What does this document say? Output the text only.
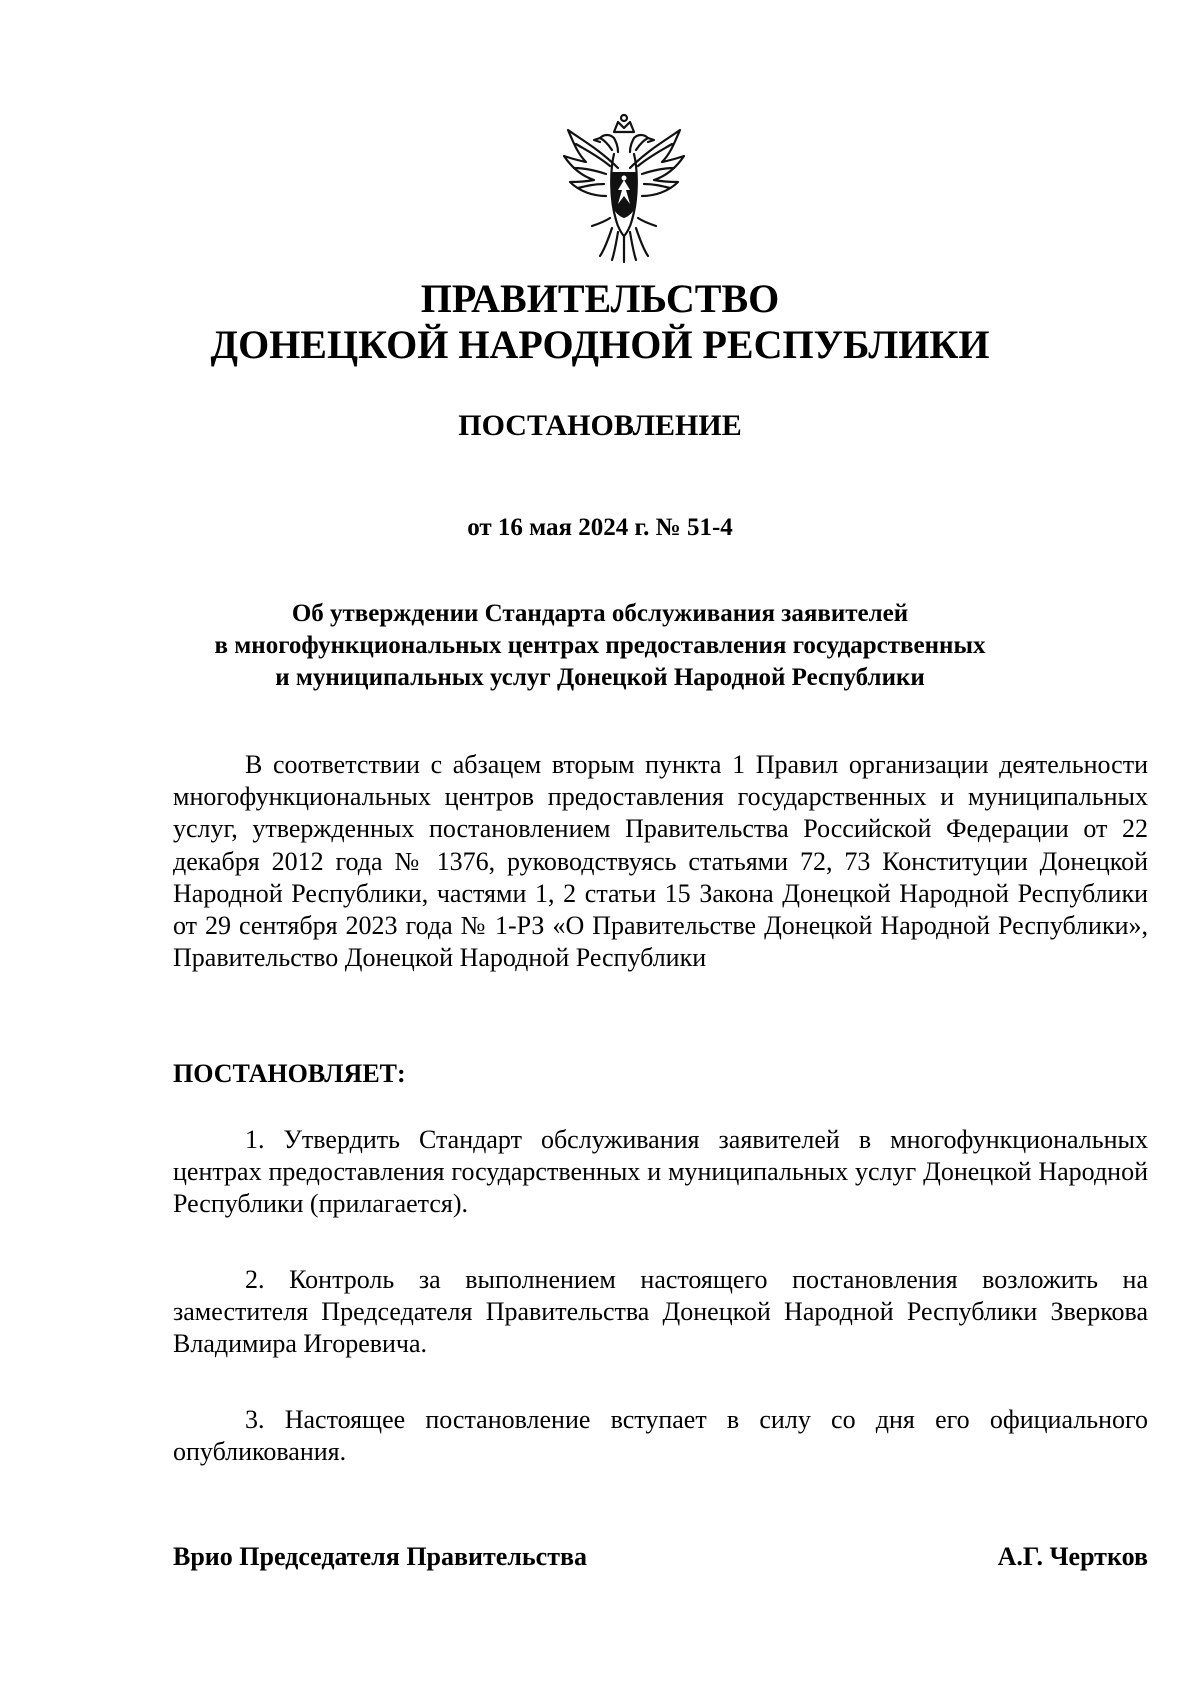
ПРАВИТЕЛЬСТВО
ДОНЕЦКОЙ НАРОДНОЙ РЕСПУБЛИКИ
ПОСТАНОВЛЕНИЕ
от 16 мая 2024 г. № 51-4
Об утверждении Стандарта обслуживания заявителей
в многофункциональных центрах предоставления государственных
и муниципальных услуг Донецкой Народной Республики
В соответствии с абзацем вторым пункта 1 Правил организации деятельности многофункциональных центров предоставления государственных и муниципальных услуг, утвержденных постановлением Правительства Российской Федерации от 22 декабря 2012 года № 1376, руководствуясь статьями 72, 73 Конституции Донецкой Народной Республики, частями 1, 2 статьи 15 Закона Донецкой Народной Республики от 29 сентября 2023 года № 1-РЗ «О Правительстве Донецкой Народной Республики», Правительство Донецкой Народной Республики
ПОСТАНОВЛЯЕТ:
1. Утвердить Стандарт обслуживания заявителей в многофункциональных центрах предоставления государственных и муниципальных услуг Донецкой Народной Республики (прилагается).
2. Контроль за выполнением настоящего постановления возложить на заместителя Председателя Правительства Донецкой Народной Республики Зверкова Владимира Игоревича.
3. Настоящее постановление вступает в силу со дня его официального опубликования.
Врио Председателя Правительства	А.Г. Чертков
